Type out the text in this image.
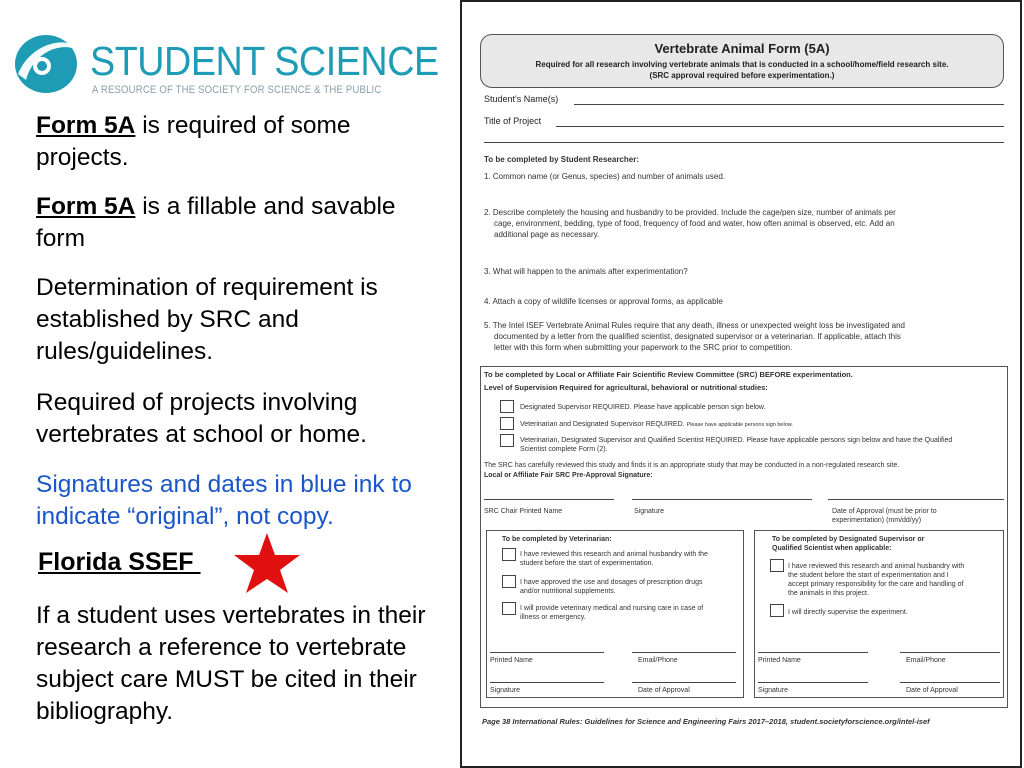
STUDENT SCIENCE
A RESOURCE OF THE SOCIETY FOR SCIENCE & THE PUBLIC
Form 5A is required of some projects.
Form 5A is a fillable and savable form
Determination of requirement is established by SRC and rules/guidelines.
Required of projects involving vertebrates at school or home.
Signatures and dates in blue ink to indicate “original”, not copy.
Florida SSEF
If a student uses vertebrates in their research a reference to vertebrate subject care MUST be cited in their bibliography.
Vertebrate Animal Form (5A)
Required for all research involving vertebrate animals that is conducted in a school/home/field research site.
(SRC approval required before experimentation.)
Student's Name(s)
Title of Project
To be completed by Student Researcher:
1. Common name (or Genus, species) and number of animals used.
2. Describe completely the housing and husbandry to be provided. Include the cage/pen size, number of animals per
cage, environment, bedding, type of food, frequency of food and water, how often animal is observed, etc. Add an
additional page as necessary.
3. What will happen to the animals after experimentation?
4. Attach a copy of wildlife licenses or approval forms, as applicable
5. The Intel ISEF Vertebrate Animal Rules require that any death, illness or unexpected weight loss be investigated and
documented by a letter from the qualified scientist, designated supervisor or a veterinarian. If applicable, attach this
letter with this form when submitting your paperwork to the SRC prior to competition.
To be completed by Local or Affiliate Fair Scientific Review Committee (SRC) BEFORE experimentation.
Level of Supervision Required for agricultural, behavioral or nutritional studies:
Designated Supervisor REQUIRED. Please have applicable person sign below.
Veterinarian and Designated Supervisor REQUIRED. Please have applicable persons sign below.
Veterinarian, Designated Supervisor and Qualified Scientist REQUIRED. Please have applicable persons sign below and have the Qualified
Scientist complete Form (2).
The SRC has carefully reviewed this study and finds it is an appropriate study that may be conducted in a non-regulated research site.
Local or Affiliate Fair SRC Pre-Approval Signature:
SRC Chair Printed Name	Signature	Date of Approval (must be prior to
experimentation) (mm/dd/yy)
To be completed by Veterinarian:
I have reviewed this research and animal husbandry with the
student before the start of experimentation.
I have approved the use and dosages of prescription drugs
and/or nutritional supplements.
I will provide veterinary medical and nursing care in case of
illness or emergency.
Printed Name	Email/Phone
Signature	Date of Approval
To be completed by Designated Supervisor or
Qualified Scientist when applicable:
I have reviewed this research and animal husbandry with
the student before the start of experimentation and I
accept primary responsibility for the care and handling of
the animals in this project.
I will directly supervise the experiment.
Printed Name	Email/Phone
Signature	Date of Approval
Page 38 International Rules: Guidelines for Science and Engineering Fairs 2017–2018, student.societyforscience.org/intel-isef
